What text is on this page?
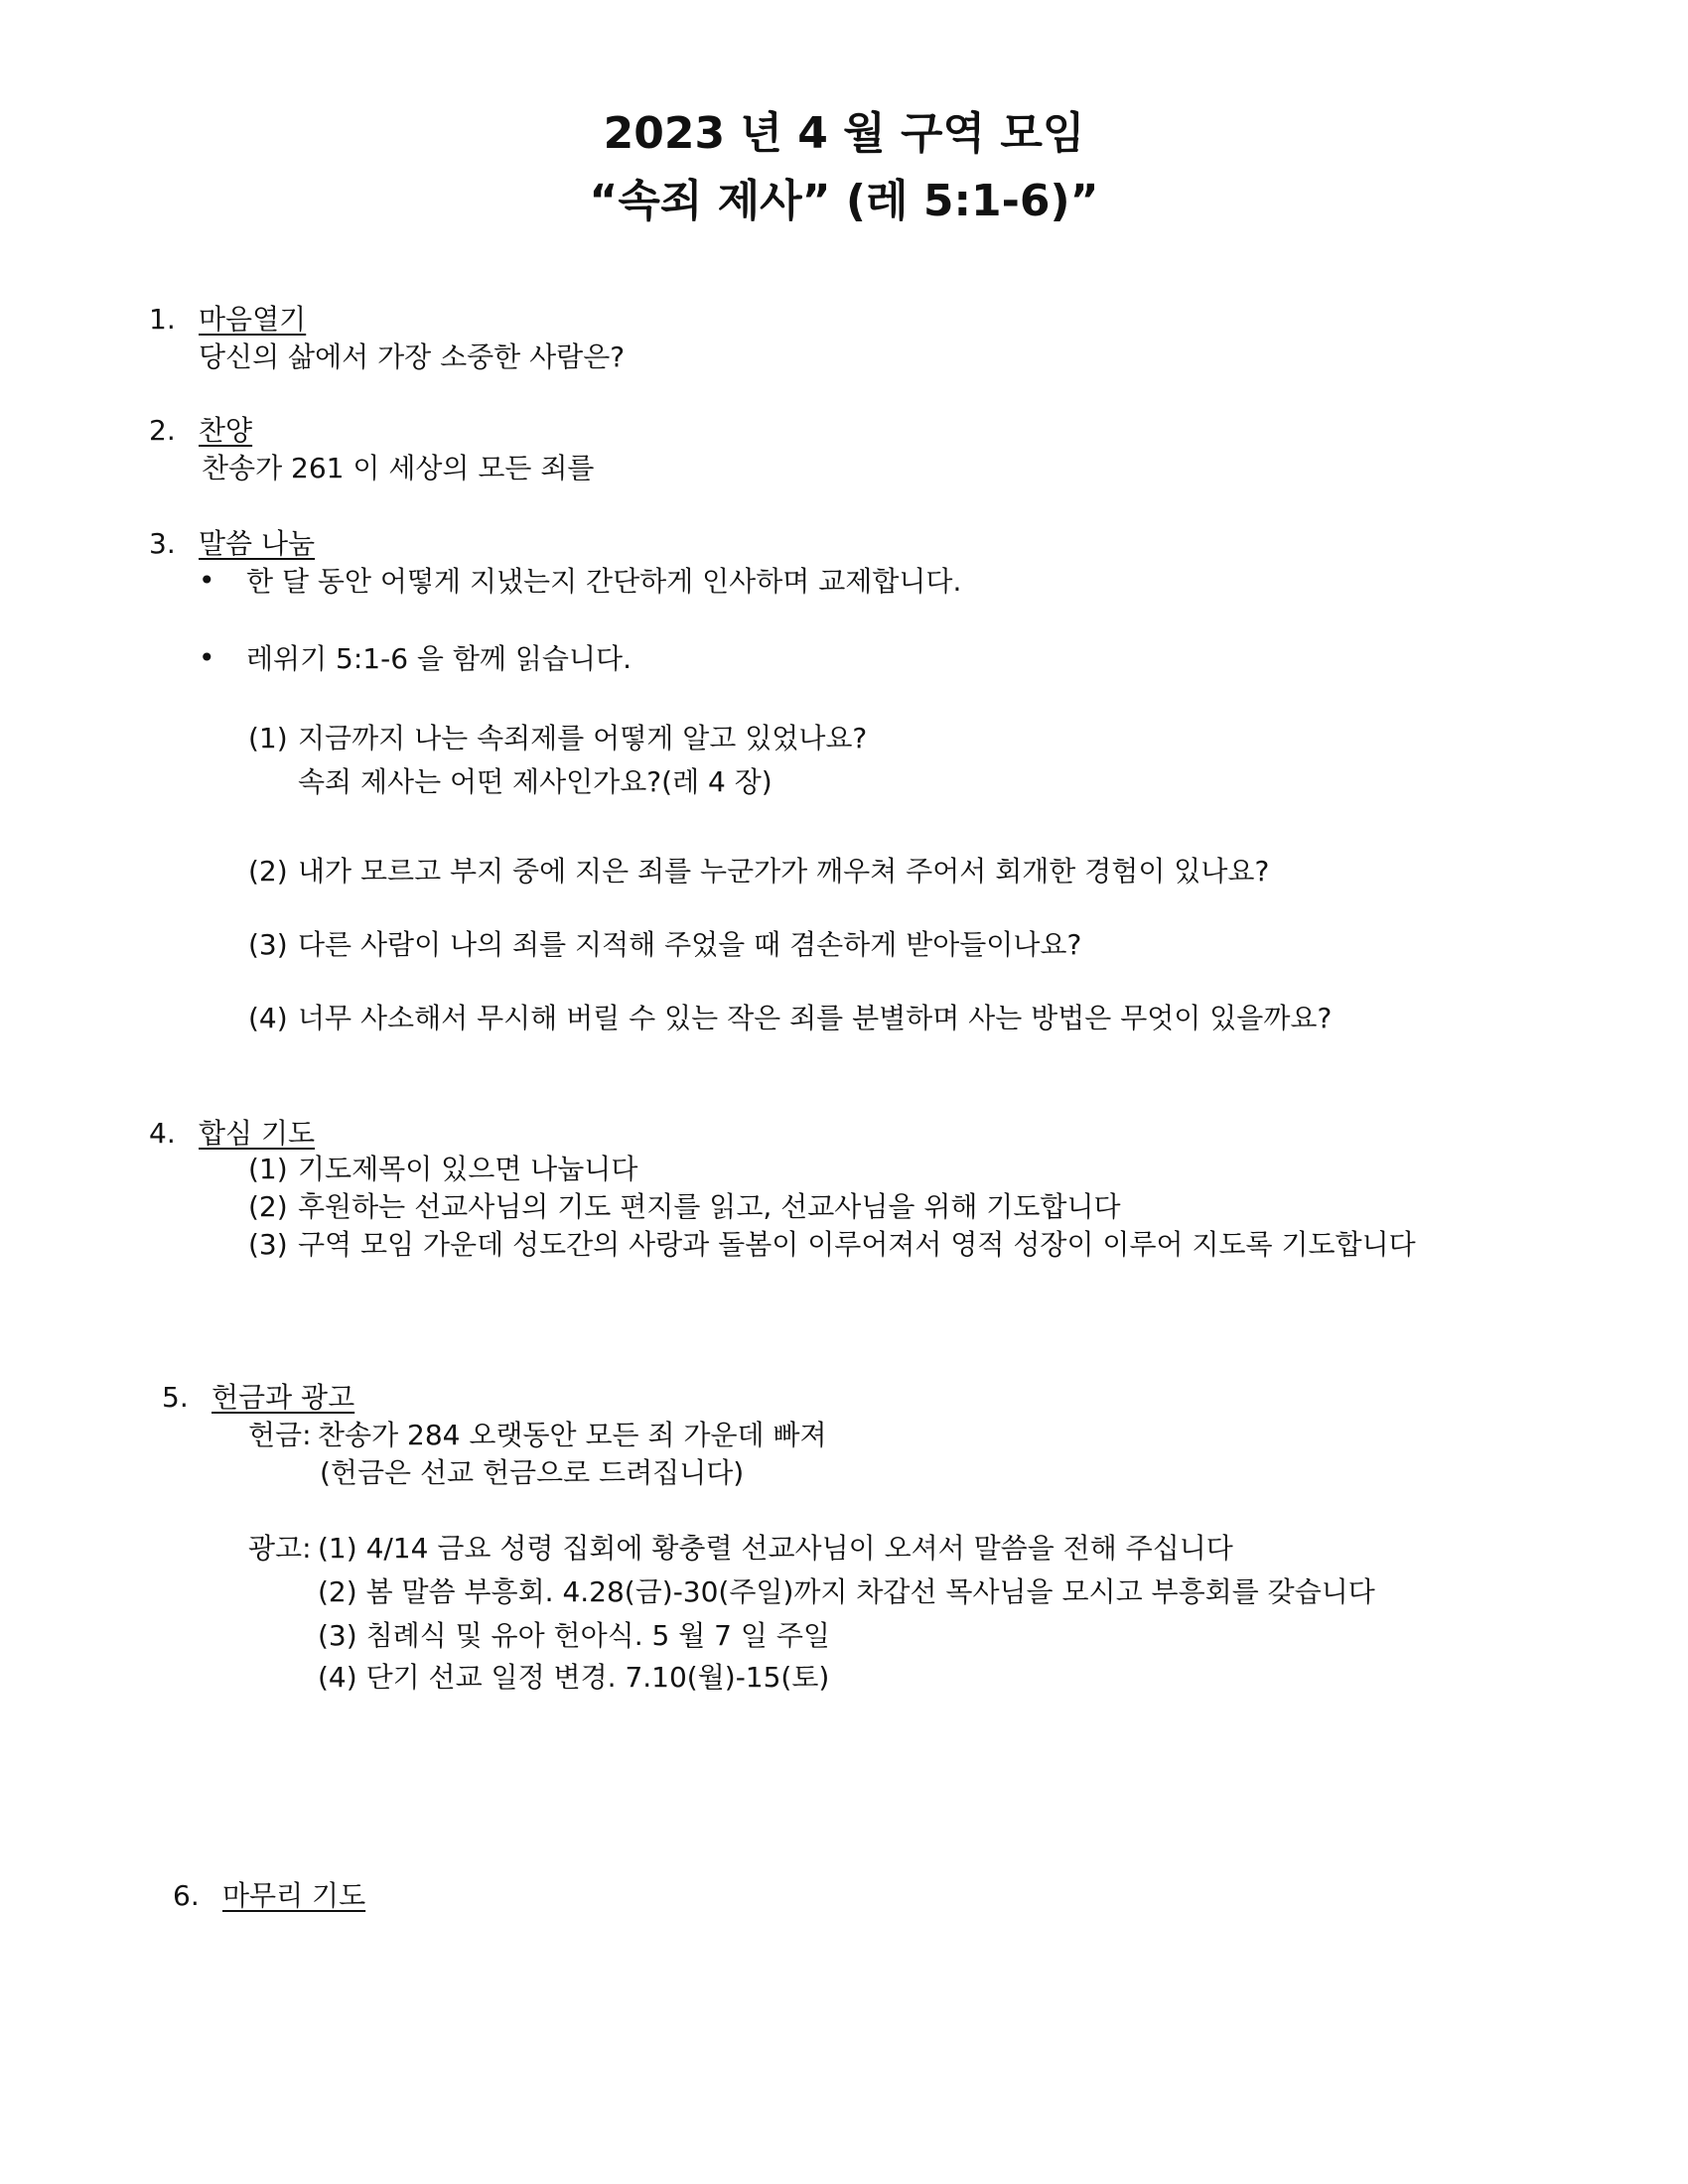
2023 년 4 월 구역 모임
“속죄 제사” (레 5:1-6)”
1. 마음열기
당신의 삶에서 가장 소중한 사람은?
2. 찬양
찬송가 261 이 세상의 모든 죄를
3. 말씀 나눔
• 한 달 동안 어떻게 지냈는지 간단하게 인사하며 교제합니다.
• 레위기 5:1-6 을 함께 읽습니다.
(1) 지금까지 나는 속죄제를 어떻게 알고 있었나요?
속죄 제사는 어떤 제사인가요?(레 4 장)
(2) 내가 모르고 부지 중에 지은 죄를 누군가가 깨우쳐 주어서 회개한 경험이 있나요?
(3) 다른 사람이 나의 죄를 지적해 주었을 때 겸손하게 받아들이나요?
(4) 너무 사소해서 무시해 버릴 수 있는 작은 죄를 분별하며 사는 방법은 무엇이 있을까요?
4. 합심 기도
(1) 기도제목이 있으면 나눕니다
(2) 후원하는 선교사님의 기도 편지를 읽고, 선교사님을 위해 기도합니다
(3) 구역 모임 가운데 성도간의 사랑과 돌봄이 이루어져서 영적 성장이 이루어 지도록 기도합니다
5. 헌금과 광고
헌금: 찬송가 284 오랫동안 모든 죄 가운데 빠져
(헌금은 선교 헌금으로 드려집니다)
광고: (1) 4/14 금요 성령 집회에 황충렬 선교사님이 오셔서 말씀을 전해 주십니다
(2) 봄 말씀 부흥회. 4.28(금)-30(주일)까지 차갑선 목사님을 모시고 부흥회를 갖습니다
(3) 침례식 및 유아 헌아식. 5 월 7 일 주일
(4) 단기 선교 일정 변경. 7.10(월)-15(토)
6. 마무리 기도
